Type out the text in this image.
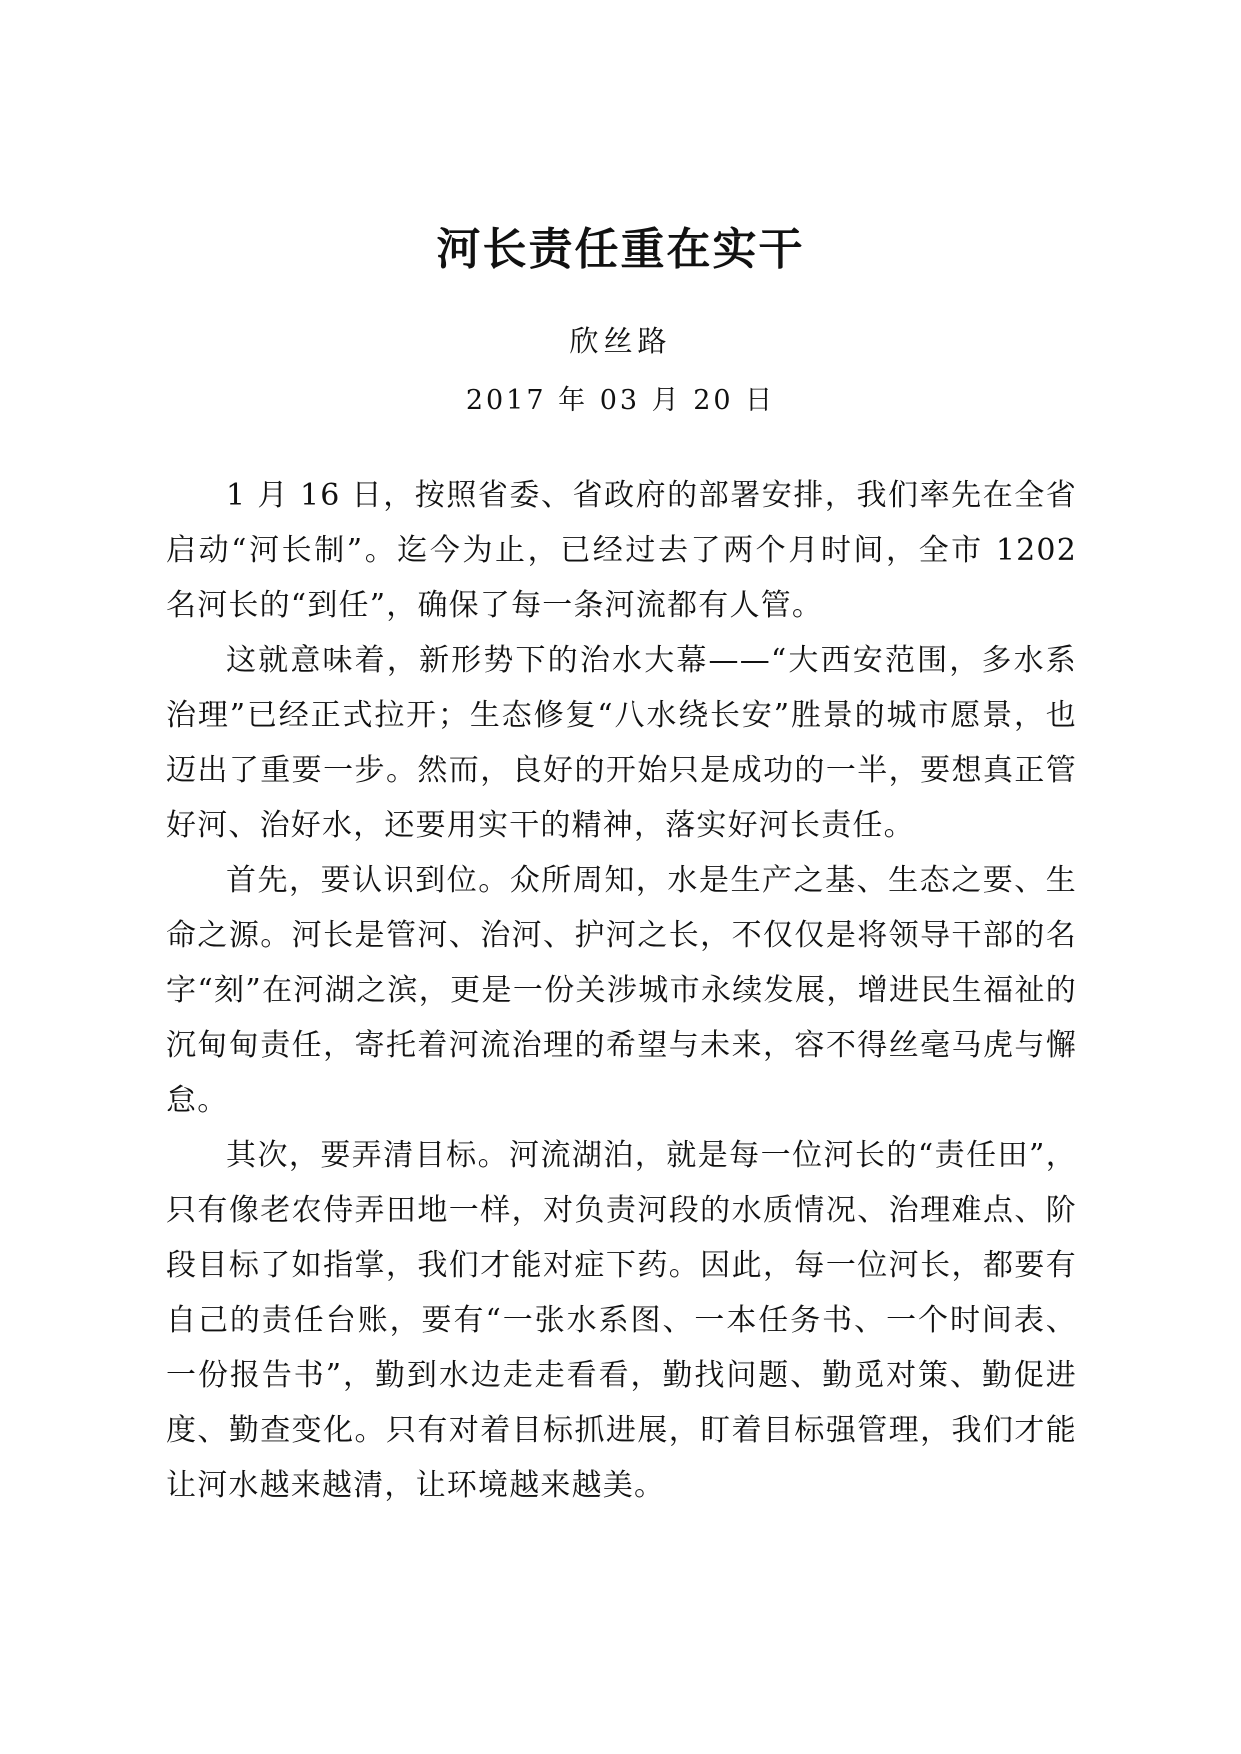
河长责任重在实干
欣丝路
2017 年 03 月 20 日

1 月 16 日，按照省委、省政府的部署安排，我们率先在全省启动“河长制”。迄今为止，已经过去了两个月时间，全市 1202 名河长的“到任”，确保了每一条河流都有人管。

这就意味着，新形势下的治水大幕——“大西安范围，多水系治理”已经正式拉开；生态修复“八水绕长安”胜景的城市愿景，也迈出了重要一步。然而，良好的开始只是成功的一半，要想真正管好河、治好水，还要用实干的精神，落实好河长责任。

首先，要认识到位。众所周知，水是生产之基、生态之要、生命之源。河长是管河、治河、护河之长，不仅仅是将领导干部的名字“刻”在河湖之滨，更是一份关涉城市永续发展，增进民生福祉的沉甸甸责任，寄托着河流治理的希望与未来，容不得丝毫马虎与懈怠。

其次，要弄清目标。河流湖泊，就是每一位河长的“责任田”，只有像老农侍弄田地一样，对负责河段的水质情况、治理难点、阶段目标了如指掌，我们才能对症下药。因此，每一位河长，都要有自己的责任台账，要有“一张水系图、一本任务书、一个时间表、一份报告书”，勤到水边走走看看，勤找问题、勤觅对策、勤促进度、勤查变化。只有对着目标抓进展，盯着目标强管理，我们才能让河水越来越清，让环境越来越美。
